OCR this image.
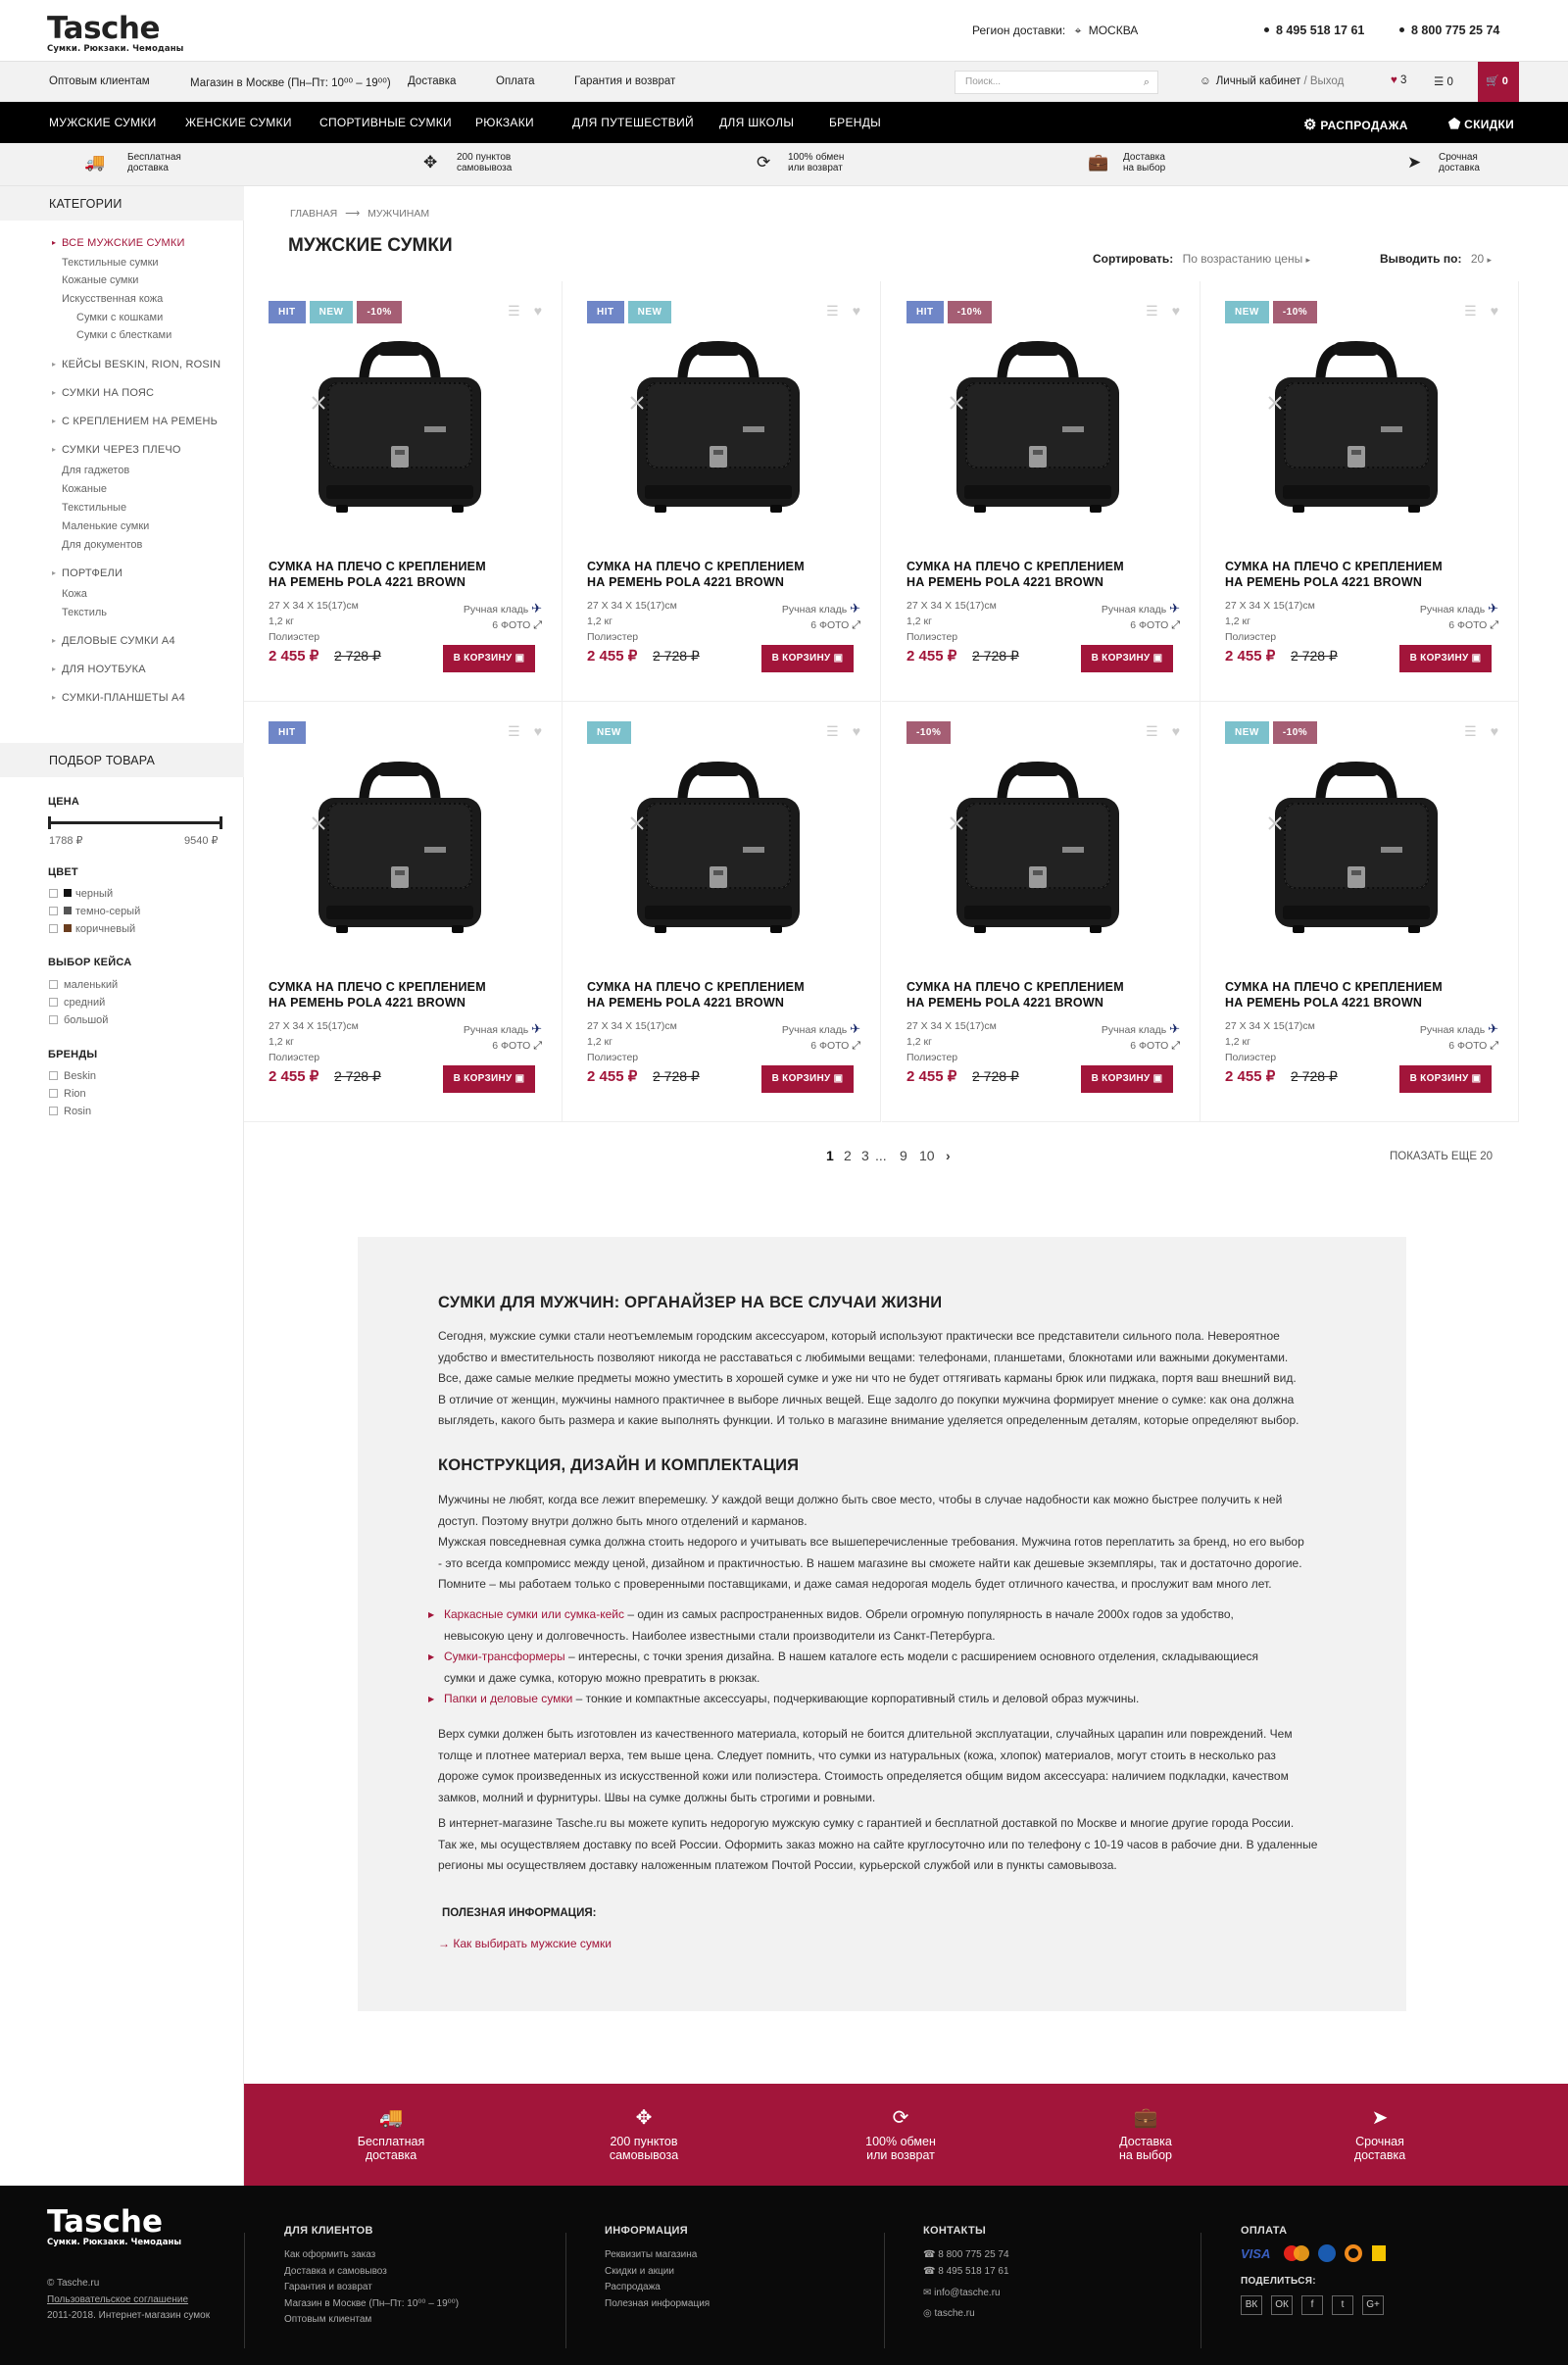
Tasche
Сумки. Рюкзаки. Чемоданы
Регион доставки: ⌖ МОСКВА	8 495 518 17 61	8 800 775 25 74
Оптовым клиентам	Магазин в Москве (Пн–Пт: 10⁰⁰ – 19⁰⁰) Доставка	Оплата	Гарантия и возврат	Поиск...	⌕	☺ Личный кабинет / Выход	♥ 3 ☰ 0	🛒 0
МУЖСКИЕ СУМКИ ЖЕНСКИЕ СУМКИ СПОРТИВНЫЕ СУМКИ РЮКЗАКИ	ДЛЯ ПУТЕШЕСТВИЙ ДЛЯ ШКОЛЫ	БРЕНДЫ	⚙ РАСПРОДАЖА	⬟ СКИДКИ
🚚 Бесплатная
доставка	✥ 200 пунктов
самовывоза	⟳ 100% обмен
или возврат	💼 Доставка
на выбор	➤ Срочная
доставка
КАТЕГОРИИ
▸ ВСЕ МУЖСКИЕ СУМКИ
Текстильные сумки
Кожаные сумки
Искусственная кожа
Сумки с кошками
Сумки с блестками
▸ КЕЙСЫ BESKIN, RION, ROSIN
▸ СУМКИ НА ПОЯС
▸ С КРЕПЛЕНИЕМ НА РЕМЕНЬ
▸ СУМКИ ЧЕРЕЗ ПЛЕЧО
Для гаджетов
Кожаные
Текстильные
Маленькие сумки
Для документов
▸ ПОРТФЕЛИ
Кожа
Текстиль
▸ ДЕЛОВЫЕ СУМКИ А4
▸ ДЛЯ НОУТБУКА
▸ СУМКИ-ПЛАНШЕТЫ А4
ПОДБОР ТОВАРА
ЦЕНА
1788 ₽	9540 ₽
ЦВЕТ
черный
темно-серый
коричневый
ВЫБОР КЕЙСА
маленький
средний
большой
БРЕНДЫ
Beskin
Rion
Rosin
ГЛАВНАЯ ⟶ МУЖЧИНАМ
МУЖСКИЕ СУМКИ
Сортировать: По возрастанию цены ▸	Выводить по: 20 ▸
HIT NEW -10%	☰ ♥
СУМКА НА ПЛЕЧО С КРЕПЛЕНИЕМ
НА РЕМЕНЬ POLA 4221 BROWN
27 X 34 X 15(17)см
1,2 кг
Полиэстер
Ручная кладь ✈
6 ФОТО ⤢
2 455 ₽ 2 728 ₽	В КОРЗИНУ ▣
HIT NEW	☰ ♥
СУМКА НА ПЛЕЧО С КРЕПЛЕНИЕМ
НА РЕМЕНЬ POLA 4221 BROWN
27 X 34 X 15(17)см
1,2 кг
Полиэстер
Ручная кладь ✈
6 ФОТО ⤢
2 455 ₽ 2 728 ₽	В КОРЗИНУ ▣
HIT -10%	☰ ♥
СУМКА НА ПЛЕЧО С КРЕПЛЕНИЕМ
НА РЕМЕНЬ POLA 4221 BROWN
27 X 34 X 15(17)см
1,2 кг
Полиэстер
Ручная кладь ✈
6 ФОТО ⤢
2 455 ₽ 2 728 ₽	В КОРЗИНУ ▣
NEW -10%	☰ ♥
СУМКА НА ПЛЕЧО С КРЕПЛЕНИЕМ
НА РЕМЕНЬ POLA 4221 BROWN
27 X 34 X 15(17)см
1,2 кг
Полиэстер
Ручная кладь ✈
6 ФОТО ⤢
2 455 ₽ 2 728 ₽	В КОРЗИНУ ▣
HIT	☰ ♥
СУМКА НА ПЛЕЧО С КРЕПЛЕНИЕМ
НА РЕМЕНЬ POLA 4221 BROWN
27 X 34 X 15(17)см
1,2 кг
Полиэстер
Ручная кладь ✈
6 ФОТО ⤢
2 455 ₽ 2 728 ₽	В КОРЗИНУ ▣
NEW	☰ ♥
СУМКА НА ПЛЕЧО С КРЕПЛЕНИЕМ
НА РЕМЕНЬ POLA 4221 BROWN
27 X 34 X 15(17)см
1,2 кг
Полиэстер
Ручная кладь ✈
6 ФОТО ⤢
2 455 ₽ 2 728 ₽	В КОРЗИНУ ▣
-10%	☰ ♥
СУМКА НА ПЛЕЧО С КРЕПЛЕНИЕМ
НА РЕМЕНЬ POLA 4221 BROWN
27 X 34 X 15(17)см
1,2 кг
Полиэстер
Ручная кладь ✈
6 ФОТО ⤢
2 455 ₽ 2 728 ₽	В КОРЗИНУ ▣
NEW -10%	☰ ♥
СУМКА НА ПЛЕЧО С КРЕПЛЕНИЕМ
НА РЕМЕНЬ POLA 4221 BROWN
27 X 34 X 15(17)см
1,2 кг
Полиэстер
Ручная кладь ✈
6 ФОТО ⤢
2 455 ₽ 2 728 ₽	В КОРЗИНУ ▣
1 2 3 ... 9 10 ›	ПОКАЗАТЬ ЕЩЕ 20
СУМКИ ДЛЯ МУЖЧИН: ОРГАНАЙЗЕР НА ВСЕ СЛУЧАИ ЖИЗНИ

Сегодня, мужские сумки стали неотъемлемым городским аксессуаром, который используют практически все представители сильного пола. Невероятное
удобство и вместительность позволяют никогда не расставаться с любимыми вещами: телефонами, планшетами, блокнотами или важными документами.
Все, даже самые мелкие предметы можно уместить в хорошей сумке и уже ни что не будет оттягивать карманы брюк или пиджака, портя ваш внешний вид.
В отличие от женщин, мужчины намного практичнее в выборе личных вещей. Еще задолго до покупки мужчина формирует мнение о сумке: как она должна
выглядеть, какого быть размера и какие выполнять функции. И только в магазине внимание уделяется определенным деталям, которые определяют выбор.

КОНСТРУКЦИЯ, ДИЗАЙН И КОМПЛЕКТАЦИЯ

Мужчины не любят, когда все лежит вперемешку. У каждой вещи должно быть свое место, чтобы в случае надобности как можно быстрее получить к ней
доступ. Поэтому внутри должно быть много отделений и карманов.
Мужская повседневная сумка должна стоить недорого и учитывать все вышеперечисленные требования. Мужчина готов переплатить за бренд, но его выбор
- это всегда компромисс между ценой, дизайном и практичностью. В нашем магазине вы сможете найти как дешевые экземпляры, так и достаточно дорогие.
Помните – мы работаем только с проверенными поставщиками, и даже самая недорогая модель будет отличного качества, и прослужит вам много лет.

▶ Каркасные сумки или сумка-кейс – один из самых распространенных видов. Обрели огромную популярность в начале 2000х годов за удобство,
невысокую цену и долговечность. Наиболее известными стали производители из Санкт-Петербурга.
▶ Сумки-трансформеры – интересны, с точки зрения дизайна. В нашем каталоге есть модели с расширением основного отделения, складывающиеся
сумки и даже сумка, которую можно превратить в рюкзак.
▶ Папки и деловые сумки – тонкие и компактные аксессуары, подчеркивающие корпоративный стиль и деловой образ мужчины.

Верх сумки должен быть изготовлен из качественного материала, который не боится длительной эксплуатации, случайных царапин или повреждений. Чем
толще и плотнее материал верха, тем выше цена. Следует помнить, что сумки из натуральных (кожа, хлопок) материалов, могут стоить в несколько раз
дороже сумок произведенных из искусственной кожи или полиэстера. Стоимость определяется общим видом аксессуара: наличием подкладки, качеством
замков, молний и фурнитуры. Швы на сумке должны быть строгими и ровными.

В интернет-магазине Tasche.ru вы можете купить недорогую мужскую сумку с гарантией и бесплатной доставкой по Москве и многие другие города России.
Так же, мы осуществляем доставку по всей России. Оформить заказ можно на сайте круглосуточно или по телефону с 10-19 часов в рабочие дни. В удаленные
регионы мы осуществляем доставку наложенным платежом Почтой России, курьерской службой или в пункты самовывоза.

ПОЛЕЗНАЯ ИНФОРМАЦИЯ:
→ Как выбирать мужские сумки
🚚
Бесплатная
доставка
✥
200 пунктов
самовывоза
⟳
100% обмен
или возврат
💼
Доставка
на выбор
➤
Срочная
доставка
Tasche
Сумки. Рюкзаки. Чемоданы
© Tasche.ru
Пользовательское соглашение
2011-2018. Интернет-магазин сумок
ДЛЯ КЛИЕНТОВ
Как оформить заказ
Доставка и самовывоз
Гарантия и возврат
Магазин в Москве (Пн–Пт: 10⁰⁰ – 19⁰⁰)
Оптовым клиентам
ИНФОРМАЦИЯ
Реквизиты магазина
Скидки и акции
Распродажа
Полезная информация
КОНТАКТЫ
☎ 8 800 775 25 74
☎ 8 495 518 17 61
✉ info@tasche.ru
◎ tasche.ru
ОПЛАТА
VISA

ПОДЕЛИТЬСЯ:
ВК ОК f	t G+
